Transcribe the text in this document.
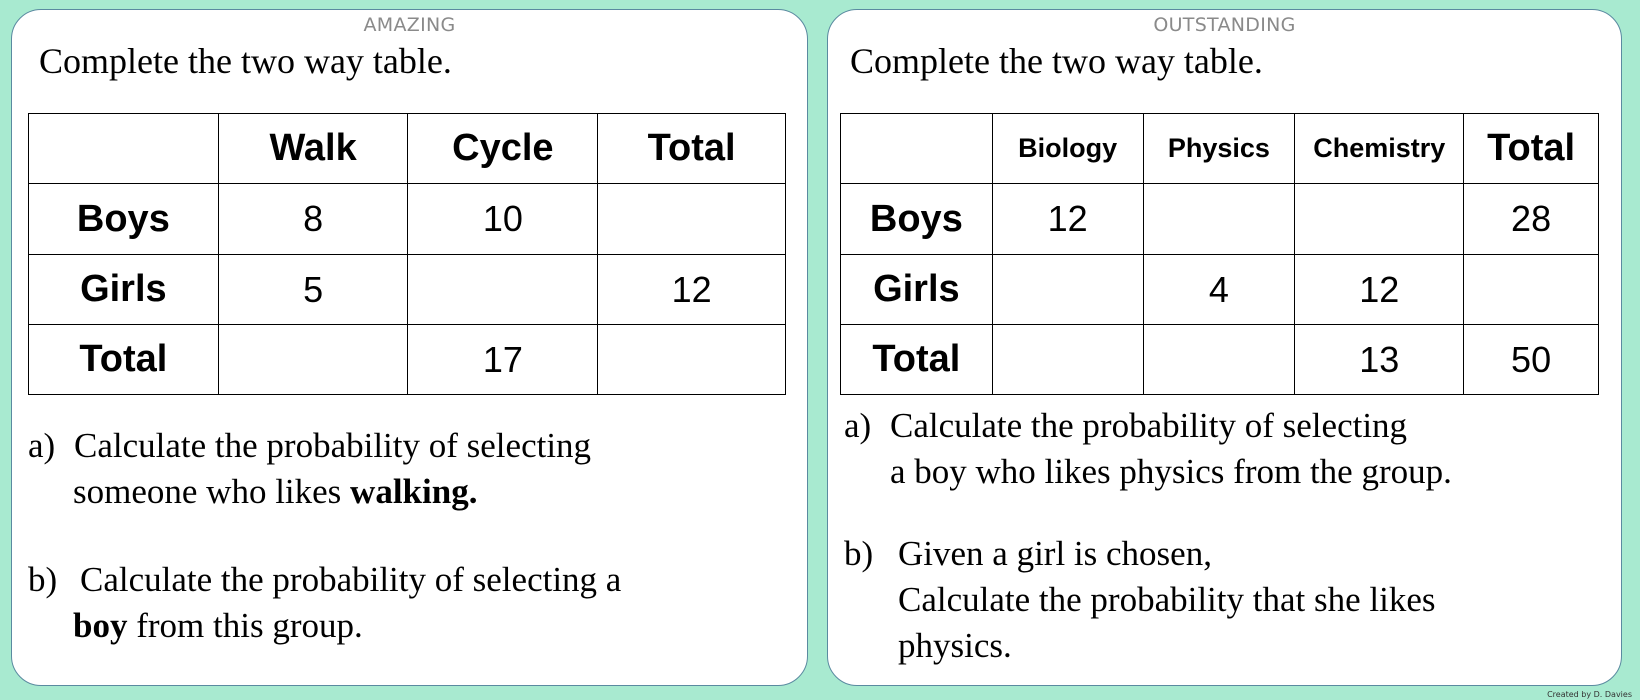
AMAZING
Complete the two way table.
	Walk	Cycle	Total
Boys	8	10	
Girls	5		12
Total		17	
a) Calculate the probability of selecting
someone who likes walking.
b) Calculate the probability of selecting a
boy from this group.
OUTSTANDING
Complete the two way table.
	Biology	Physics	Chemistry	Total
Boys	12			28
Girls		4	12	
Total			13	50
a) Calculate the probability of selecting
a boy who likes physics from the group.
b) Given a girl is chosen,
Calculate the probability that she likes
physics.
Created by D. Davies
